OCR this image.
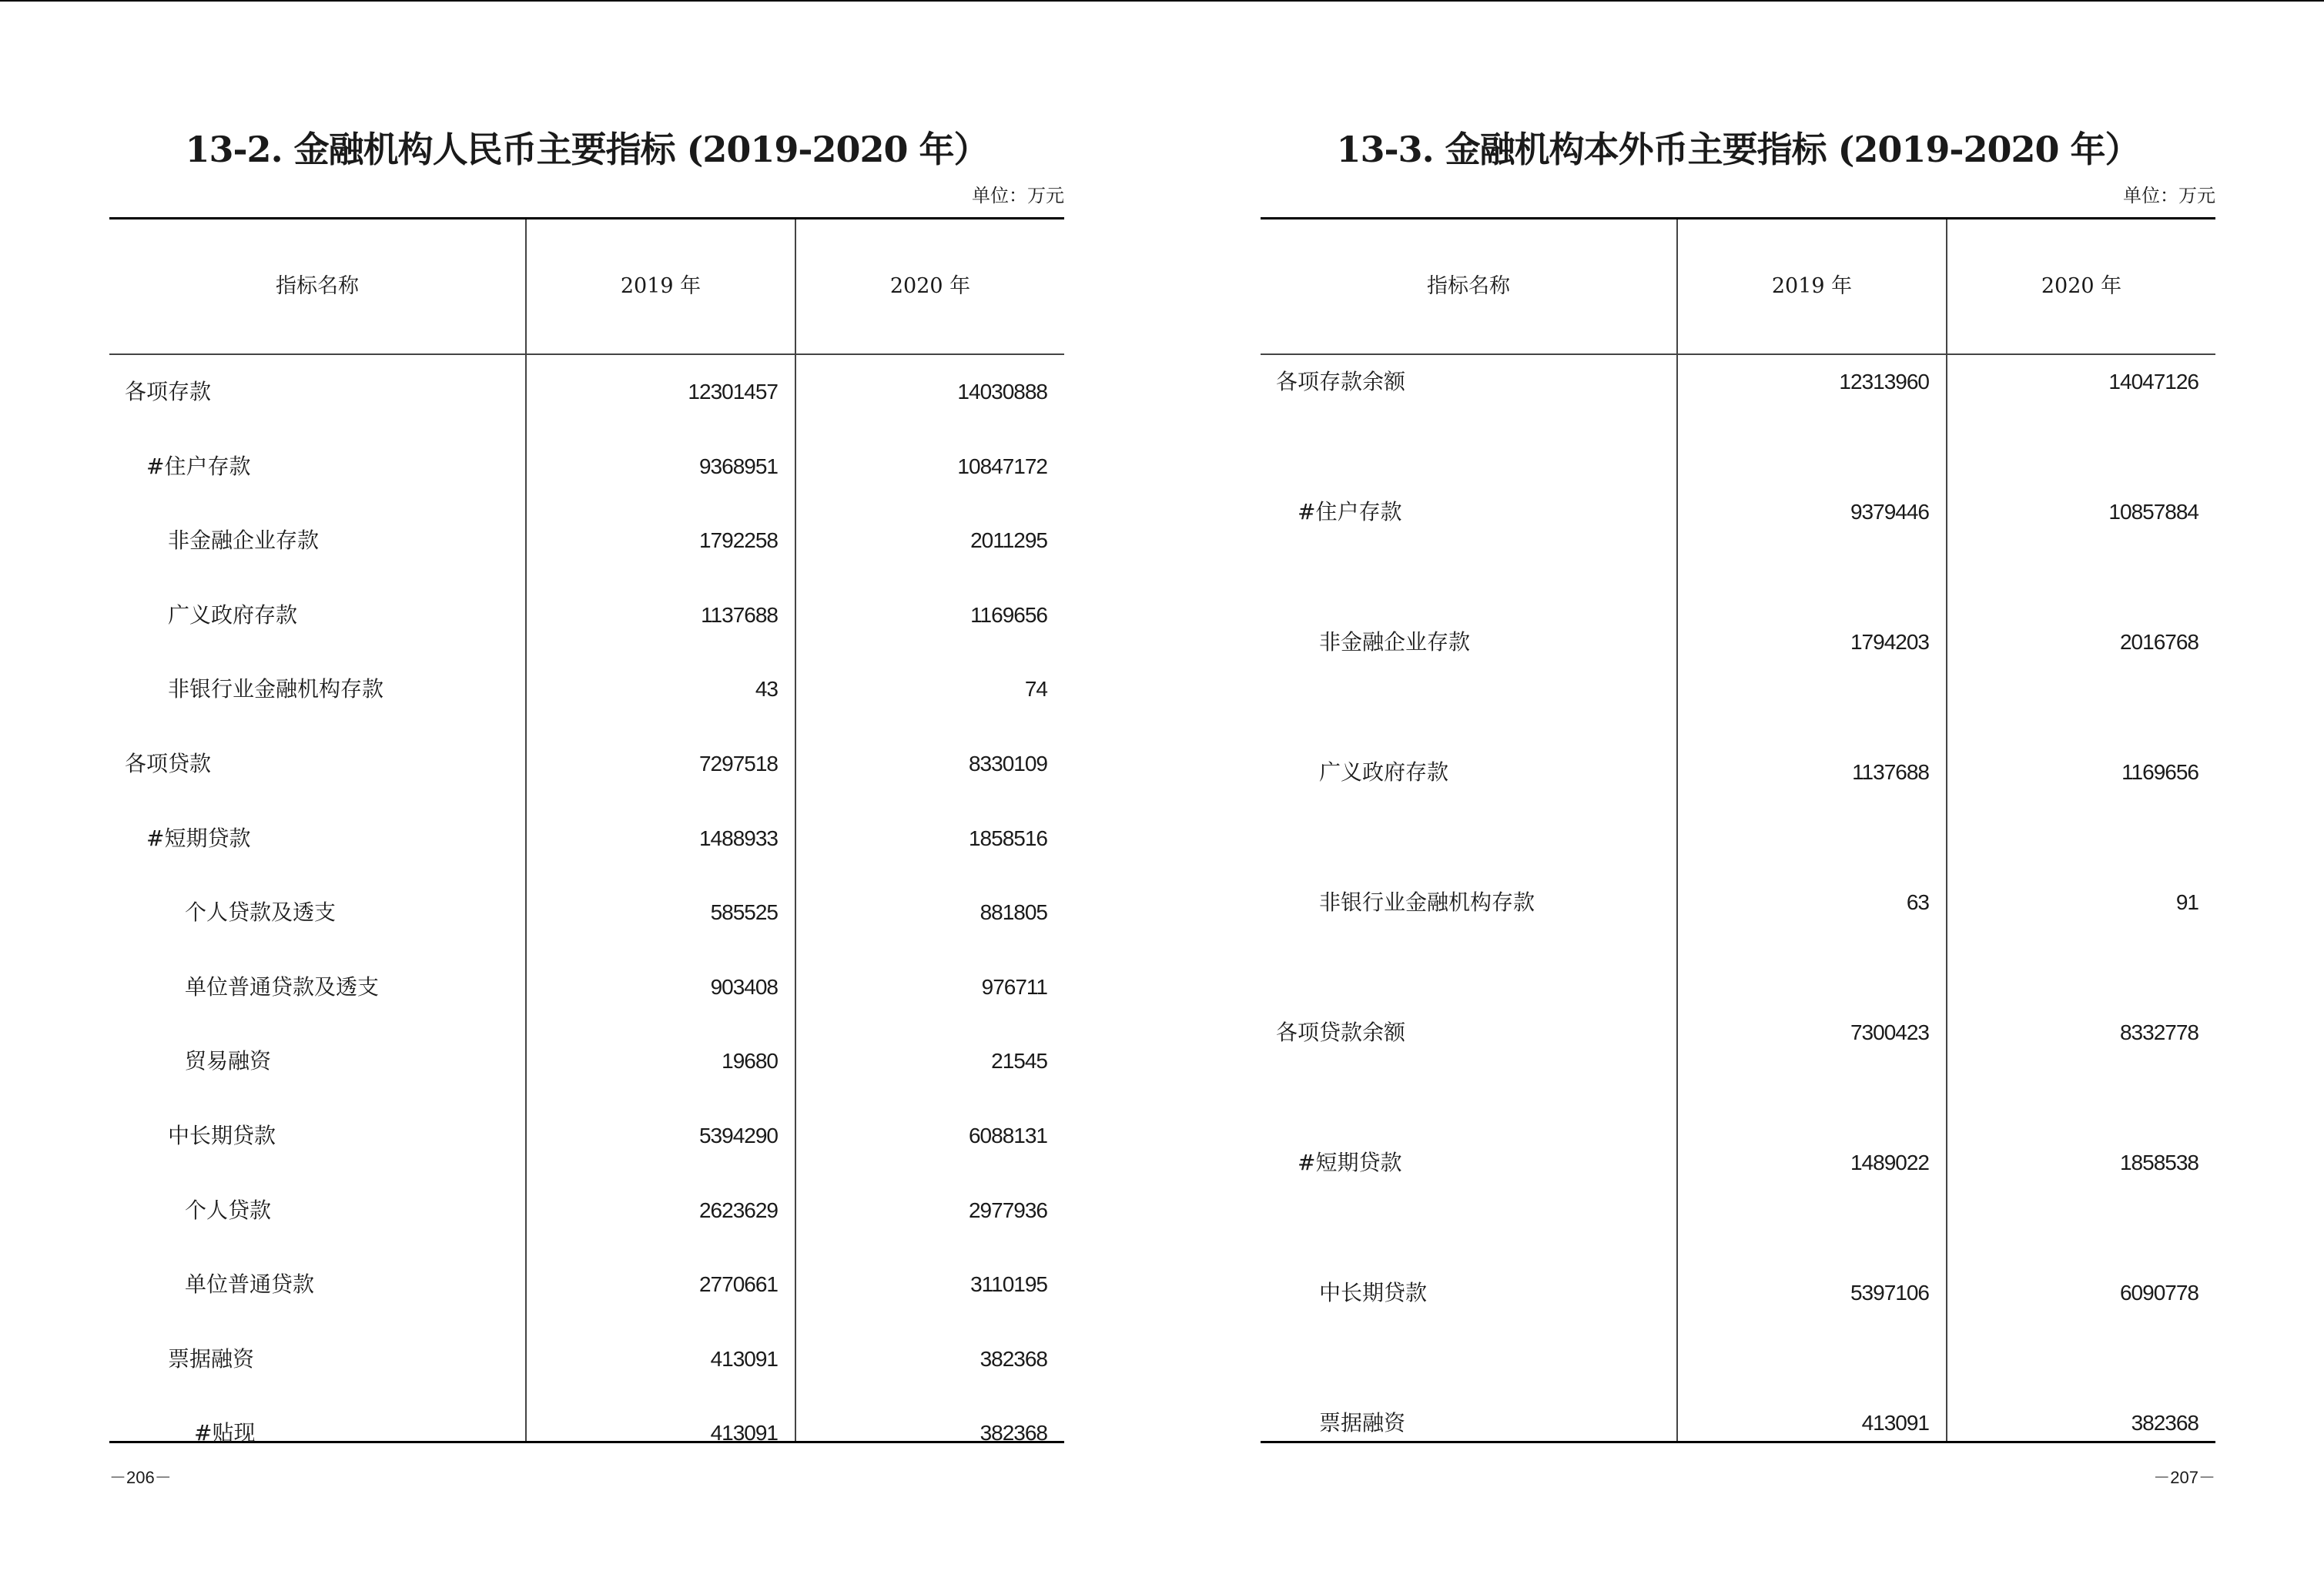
13-2. 金融机构人民币主要指标 (2019-2020 年）
单位：万元
指标名称	2019 年	2020 年
各项存款	12301457	14030888
#住户存款	9368951	10847172
非金融企业存款	1792258	2011295
广义政府存款	1137688	1169656
非银行业金融机构存款	43	74
各项贷款	7297518	8330109
#短期贷款	1488933	1858516
个人贷款及透支	585525	881805
单位普通贷款及透支	903408	976711
贸易融资	19680	21545
中长期贷款	5394290	6088131
个人贷款	2623629	2977936
单位普通贷款	2770661	3110195
票据融资	413091	382368
#贴现	413091	382368
－206－
13-3. 金融机构本外币主要指标 (2019-2020 年）
单位：万元
指标名称	2019 年	2020 年
各项存款余额	12313960	14047126
#住户存款	9379446	10857884
非金融企业存款	1794203	2016768
广义政府存款	1137688	1169656
非银行业金融机构存款	63	91
各项贷款余额	7300423	8332778
#短期贷款	1489022	1858538
中长期贷款	5397106	6090778
票据融资	413091	382368
－207－
